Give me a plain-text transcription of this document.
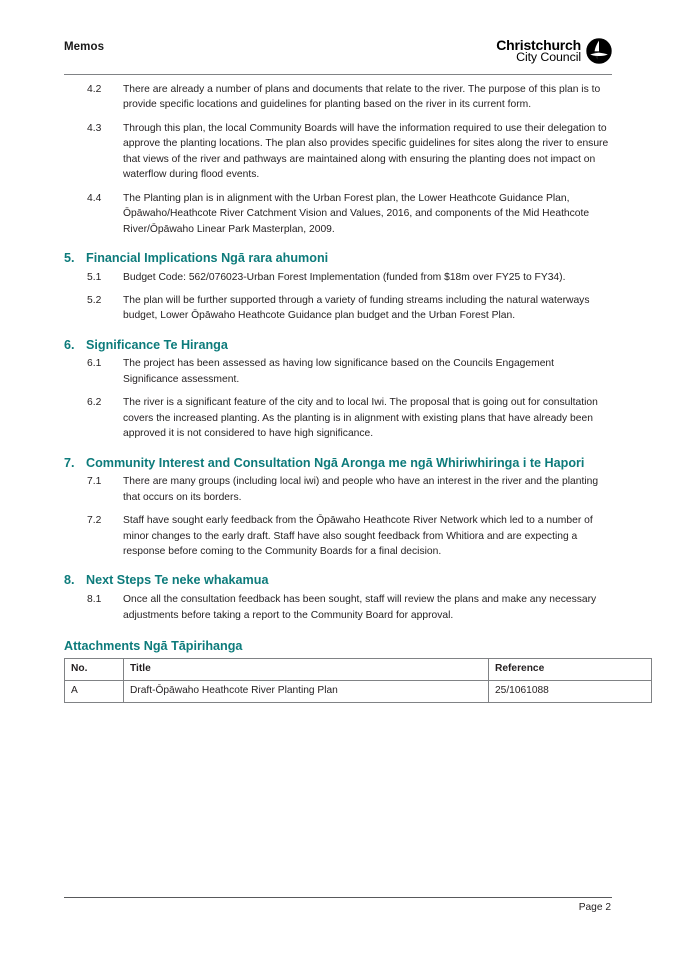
Memos	Christchurch
City Council
4.2	There are already a number of plans and documents that relate to the river. The purpose of this plan is to provide specific locations and guidelines for planting based on the river in its current form.
4.3	Through this plan, the local Community Boards will have the information required to use their delegation to approve the planting locations. The plan also provides specific guidelines for sites along the river to ensure that views of the river and pathways are maintained along with ensuring the planting does not impact on waterflow during flood events.
4.4	The Planting plan is in alignment with the Urban Forest plan, the Lower Heathcote Guidance Plan, Ōpāwaho/Heathcote River Catchment Vision and Values, 2016, and components of the Mid Heathcote River/Ōpāwaho Linear Park Masterplan, 2009.
5. Financial Implications Ngā rara ahumoni
5.1	Budget Code: 562/076023-Urban Forest Implementation (funded from $18m over FY25 to FY34).
5.2	The plan will be further supported through a variety of funding streams including the natural waterways budget, Lower Ōpāwaho Heathcote Guidance plan budget and the Urban Forest Plan.
6. Significance Te Hiranga
6.1	The project has been assessed as having low significance based on the Councils Engagement Significance assessment.
6.2	The river is a significant feature of the city and to local Iwi. The proposal that is going out for consultation covers the increased planting. As the planting is in alignment with existing plans that have already been approved it is not considered to have high significance.
7. Community Interest and Consultation Ngā Aronga me ngā Whiriwhiringa i te Hapori
7.1	There are many groups (including local iwi) and people who have an interest in the river and the planting that occurs on its borders.
7.2	Staff have sought early feedback from the Ōpāwaho Heathcote River Network which led to a number of minor changes to the early draft. Staff have also sought feedback from Whitiora and are expecting a response before coming to the Community Boards for a final decision.
8. Next Steps Te neke whakamua
8.1	Once all the consultation feedback has been sought, staff will review the plans and make any necessary adjustments before taking a report to the Community Board for approval.
Attachments Ngā Tāpirihanga
No.	Title	Reference
A	Draft-Ōpāwaho Heathcote River Planting Plan	25/1061088
Page 2
